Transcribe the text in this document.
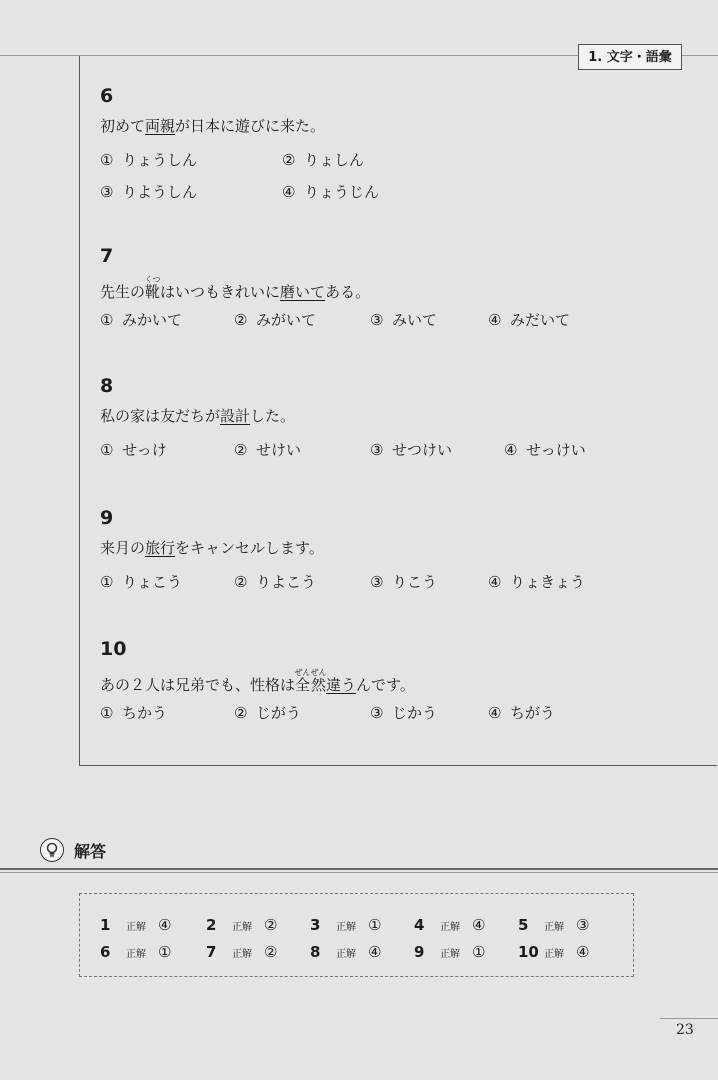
1. 文字・語彙
6
初めて両親が日本に遊びに来た。
① りょうしん	② りょしん
③ りようしん	④ りょうじん
7
先生の靴くつはいつもきれいに磨いてある。
① みかいて	② みがいて	③ みいて	④ みだいて
8
私の家は友だちが設計した。
① せっけ	② せけい	③ せつけい	④ せっけい
9
来月の旅行をキャンセルします。
① りょこう	② りよこう	③ りこう	④ りょきょう
10
あの２人は兄弟でも、性格は全然ぜんぜん違うんです。
① ちかう	② じがう	③ じかう	④ ちがう
解答
1 正解 ④ 2 正解 ② 3 正解 ① 4 正解 ④ 5 正解 ③
6 正解 ① 7 正解 ② 8 正解 ④ 9 正解 ① 10 正解 ④
23
